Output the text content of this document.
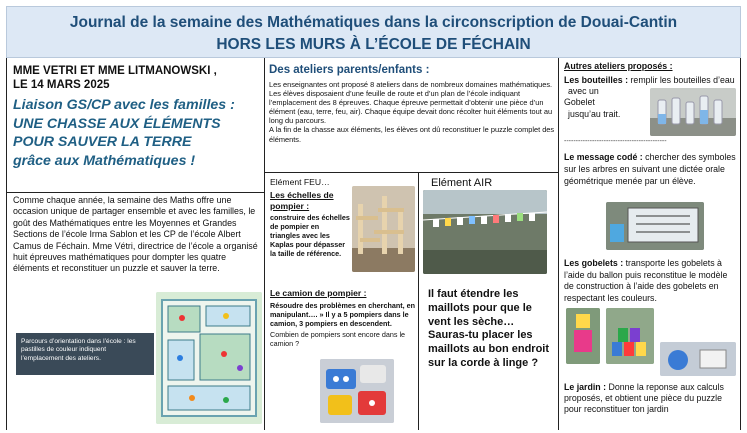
Journal de la semaine des Mathématiques dans la circonscription de Douai-Cantin
HORS LES MURS À L’ÉCOLE DE FÉCHAIN
MME VETRI ET MME LITMANOWSKI ,
LE 14 MARS 2025
Liaison GS/CP avec les familles :
UNE CHASSE AUX ÉLÉMENTS
POUR SAUVER LA TERRE
grâce aux Mathématiques !
Comme chaque année, la semaine des Maths offre une occasion unique de partager ensemble et avec les familles, le goût des Mathématiques entre les Moyennes et Grandes Sections de l’école Irma Sablon et les CP de l’école Albert Camus de Féchain. Mme Vétri, directrice de l’école a organisé huit épreuves mathématiques pour dompter les quatre éléments et reconstituer un puzzle et sauver la terre.
Parcours d’orientation dans l’école : les pastilles de couleur indiquent l’emplacement des ateliers.
Des ateliers parents/enfants :
Les enseignantes ont proposé 8 ateliers dans de nombreux domaines mathématiques.
Les élèves disposaient d’une feuille de route et d’un plan de l’école indiquant l’emplacement des 8 épreuves. Chaque épreuve permettait d’obtenir une pièce d’un élément (eau, terre, feu, air). Chaque équipe devait donc récolter huit éléments tout au long du parcours.
A la fin de la chasse aux éléments, les élèves ont dû reconstituer le puzzle complet des éléments.
Elément FEU…
Les échelles de pompier :
construire des échelles de pompier en triangles avec les Kaplas pour dépasser la taille de référence.
Le camion de pompier :
Résoudre des problèmes en cherchant, en manipulant…. » Il y a 5 pompiers dans le camion, 3 pompiers en descendent.
Combien de pompiers sont encore dans le camion ?
Elément AIR
Il faut étendre les maillots pour que le vent les sèche… Sauras-tu placer les maillots au bon endroit sur la corde à linge ?
Autres ateliers proposés :
Les bouteilles : remplir les bouteilles d’eau
avec un
Gobelet
jusqu’au trait.
--------------------------------------------
Le message codé : chercher des symboles sur les arbres en suivant une dictée orale géométrique menée par un élève.
Les gobelets : transporte les gobelets à l’aide du ballon puis reconstitue le modèle de construction à l’aide des gobelets en respectant les couleurs.
Le jardin : Donne la reponse aux calculs proposés, et obtient une pièce du puzzle pour reconstituer ton jardin
